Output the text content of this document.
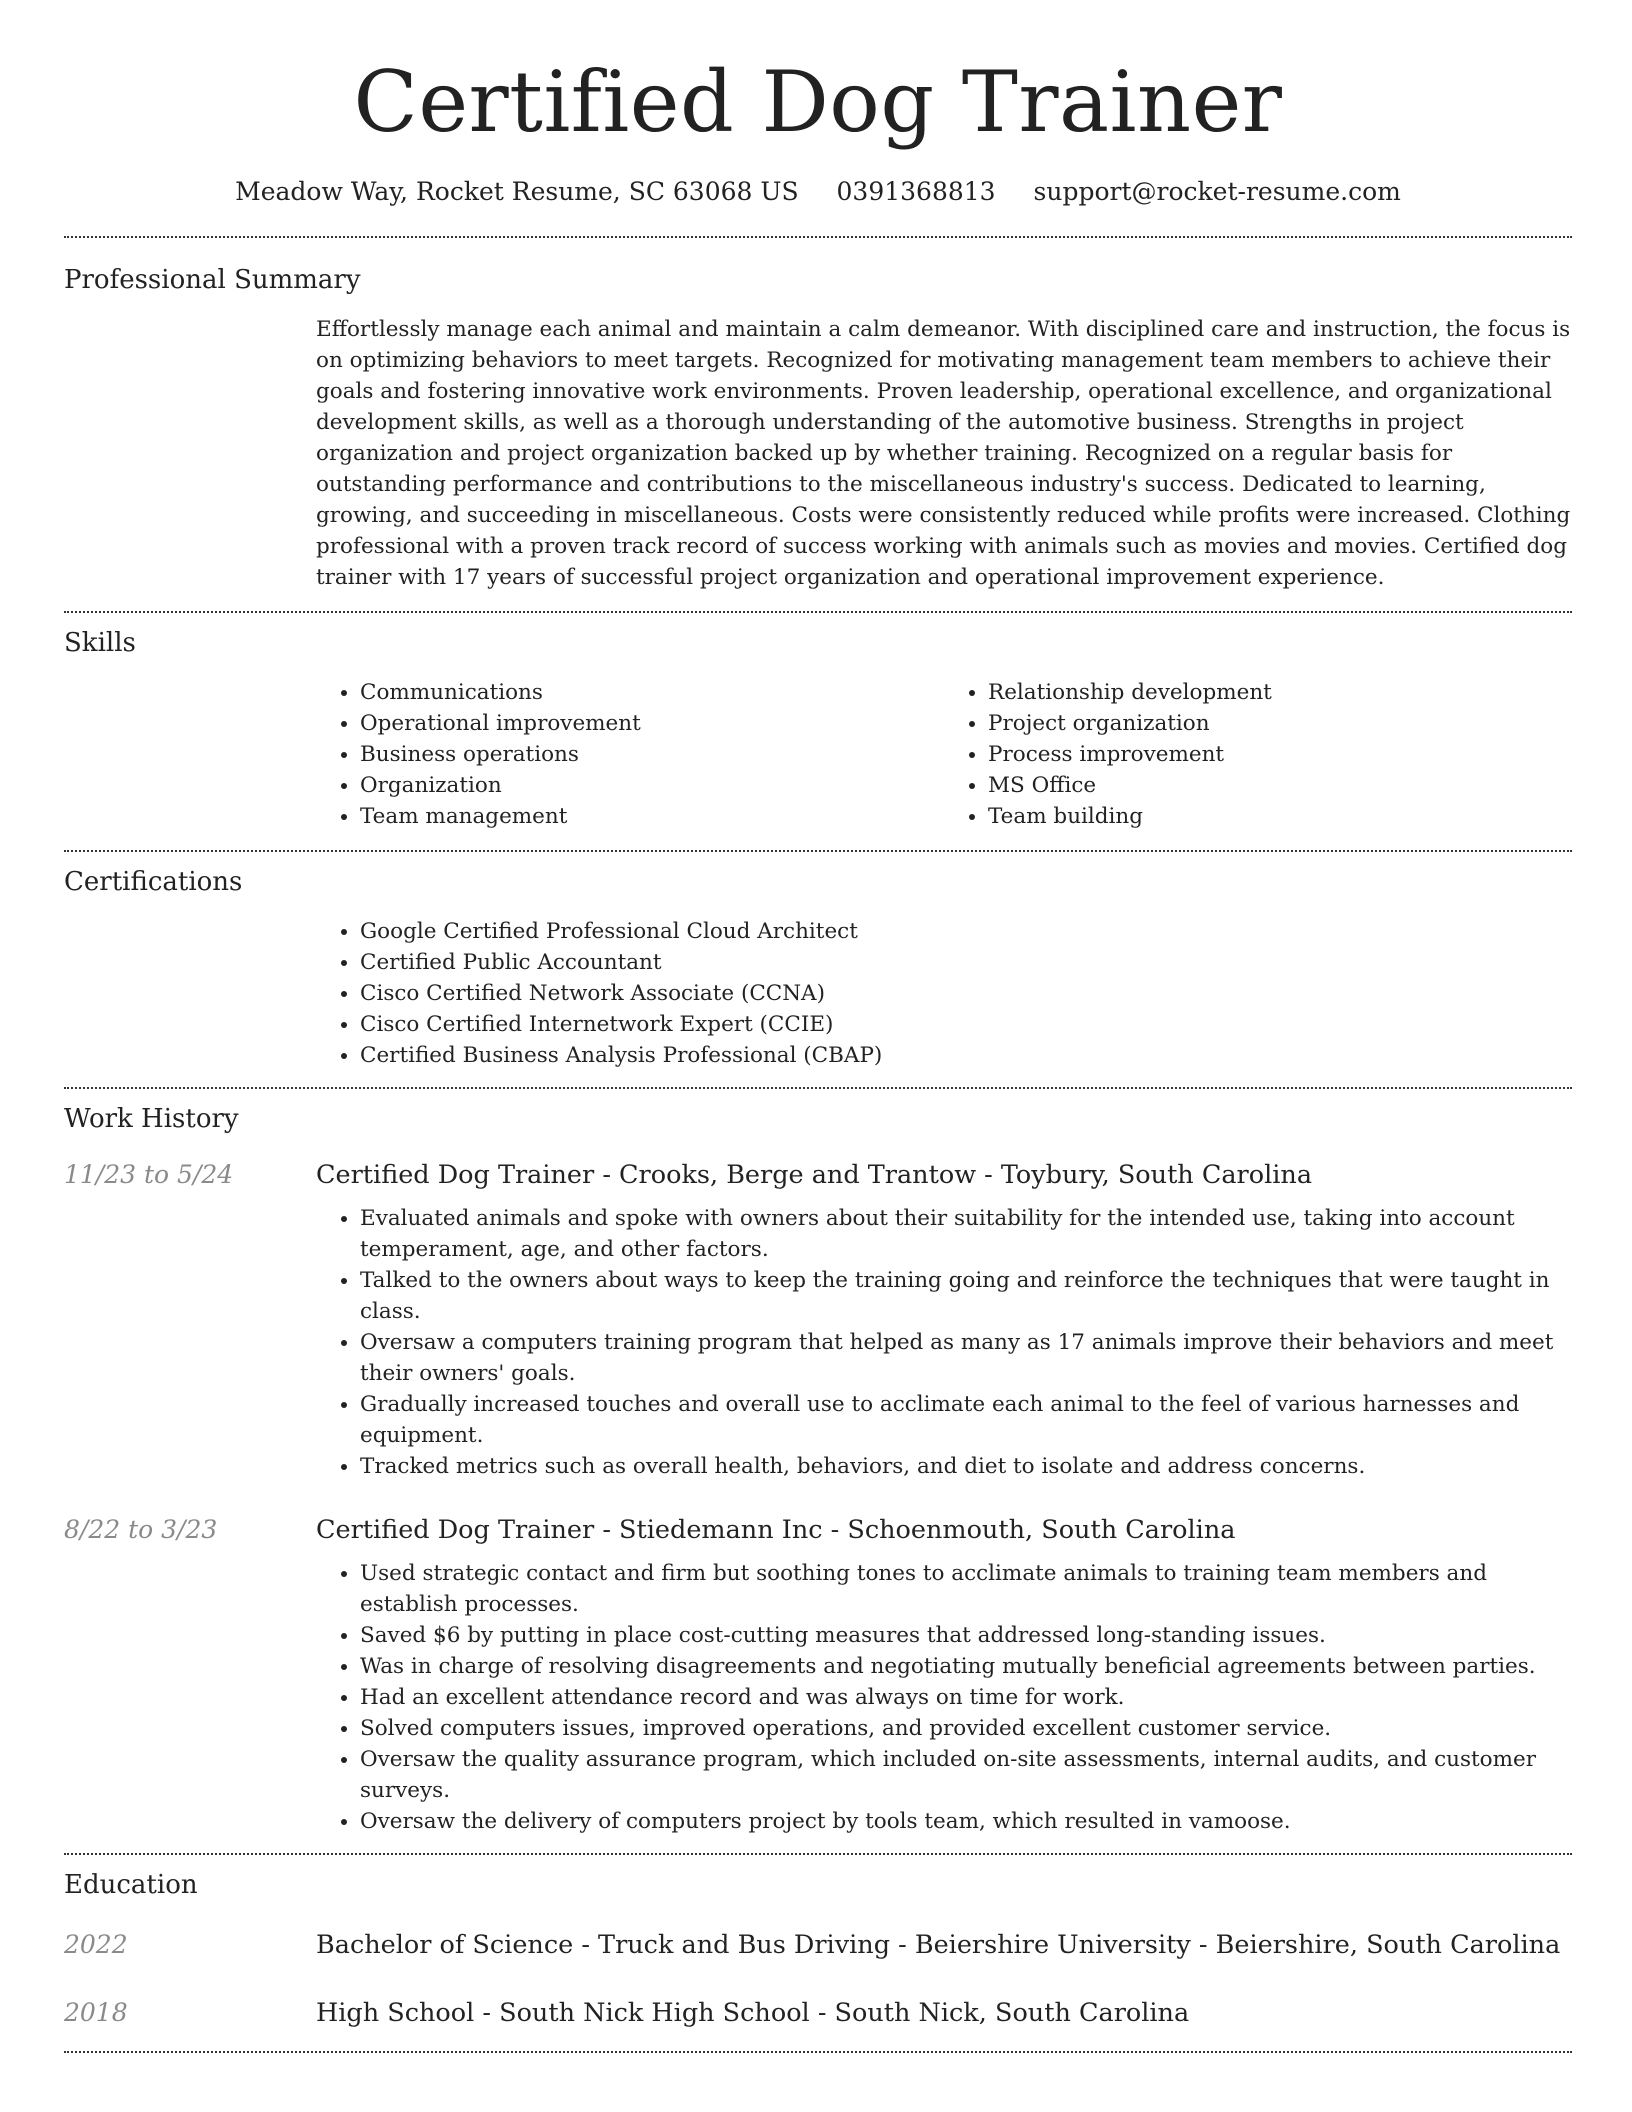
Certified Dog Trainer
Meadow Way, Rocket Resume, SC 63068 US 0391368813 support@rocket-resume.com
Professional Summary
Effortlessly manage each animal and maintain a calm demeanor. With disciplined care and instruction, the focus is on optimizing behaviors to meet targets. Recognized for motivating management team members to achieve their goals and fostering innovative work environments. Proven leadership, operational excellence, and organizational development skills, as well as a thorough understanding of the automotive business. Strengths in project organization and project organization backed up by whether training. Recognized on a regular basis for outstanding performance and contributions to the miscellaneous industry's success. Dedicated to learning, growing, and succeeding in miscellaneous. Costs were consistently reduced while profits were increased. Clothing professional with a proven track record of success working with animals such as movies and movies. Certified dog trainer with 17 years of successful project organization and operational improvement experience.
Skills
• Communications
• Operational improvement
• Business operations
• Organization
• Team management
• Relationship development
• Project organization
• Process improvement
• MS Office
• Team building
Certifications
• Google Certified Professional Cloud Architect
• Certified Public Accountant
• Cisco Certified Network Associate (CCNA)
• Cisco Certified Internetwork Expert (CCIE)
• Certified Business Analysis Professional (CBAP)
Work History
11/23 to 5/24	Certified Dog Trainer - Crooks, Berge and Trantow - Toybury, South Carolina
• Evaluated animals and spoke with owners about their suitability for the intended use, taking into account temperament, age, and other factors.
• Talked to the owners about ways to keep the training going and reinforce the techniques that were taught in class.
• Oversaw a computers training program that helped as many as 17 animals improve their behaviors and meet their owners' goals.
• Gradually increased touches and overall use to acclimate each animal to the feel of various harnesses and equipment.
• Tracked metrics such as overall health, behaviors, and diet to isolate and address concerns.
8/22 to 3/23	Certified Dog Trainer - Stiedemann Inc - Schoenmouth, South Carolina
• Used strategic contact and firm but soothing tones to acclimate animals to training team members and establish processes.
• Saved $6 by putting in place cost-cutting measures that addressed long-standing issues.
• Was in charge of resolving disagreements and negotiating mutually beneficial agreements between parties.
• Had an excellent attendance record and was always on time for work.
• Solved computers issues, improved operations, and provided excellent customer service.
• Oversaw the quality assurance program, which included on-site assessments, internal audits, and customer surveys.
• Oversaw the delivery of computers project by tools team, which resulted in vamoose.
Education
2022	Bachelor of Science - Truck and Bus Driving - Beiershire University - Beiershire, South Carolina
2018	High School - South Nick High School - South Nick, South Carolina
